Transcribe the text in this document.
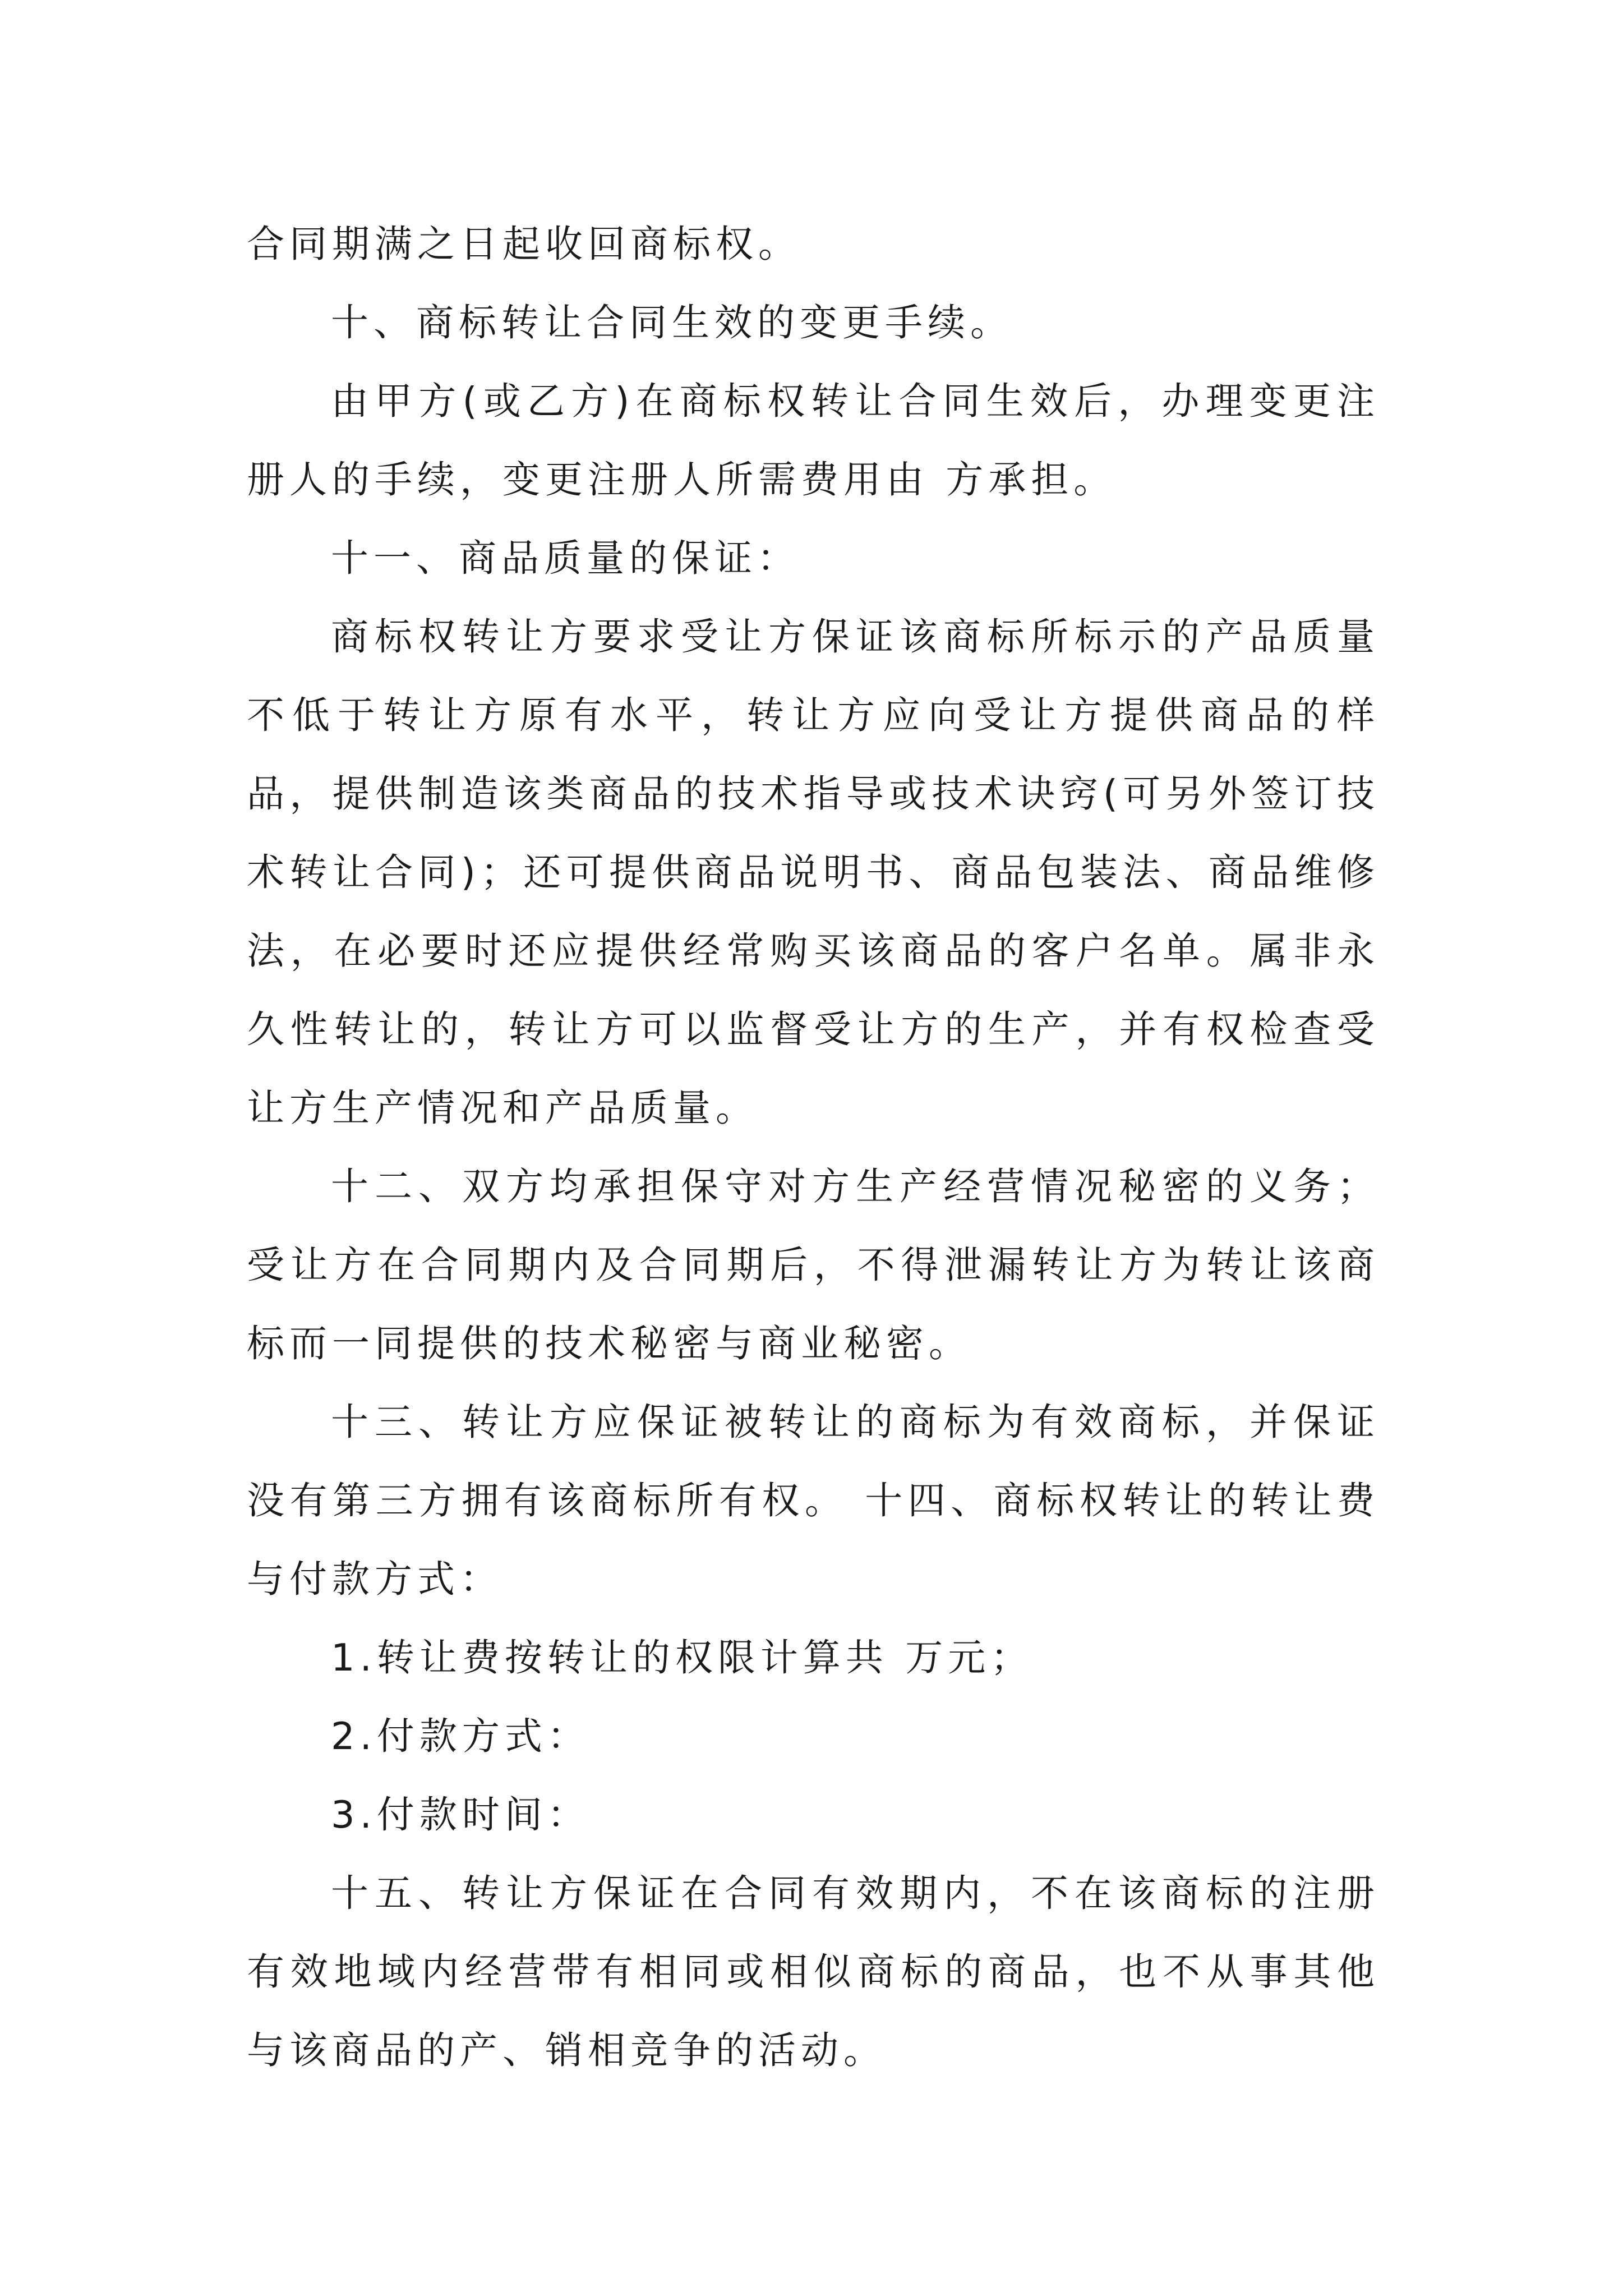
合同期满之日起收回商标权。

十、商标转让合同生效的变更手续。

由甲方(或乙方)在商标权转让合同生效后，办理变更注册人的手续，变更注册人所需费用由 方承担。

十一、商品质量的保证：

商标权转让方要求受让方保证该商标所标示的产品质量不低于转让方原有水平，转让方应向受让方提供商品的样品，提供制造该类商品的技术指导或技术诀窍(可另外签订技术转让合同)；还可提供商品说明书、商品包装法、商品维修法，在必要时还应提供经常购买该商品的客户名单。属非永久性转让的，转让方可以监督受让方的生产，并有权检查受让方生产情况和产品质量。

十二、双方均承担保守对方生产经营情况秘密的义务；受让方在合同期内及合同期后，不得泄漏转让方为转让该商标而一同提供的技术秘密与商业秘密。

十三、转让方应保证被转让的商标为有效商标，并保证没有第三方拥有该商标所有权。 十四、商标权转让的转让费与付款方式：

1.转让费按转让的权限计算共 万元；

2.付款方式：

3.付款时间：

十五、转让方保证在合同有效期内，不在该商标的注册有效地域内经营带有相同或相似商标的商品，也不从事其他与该商品的产、销相竞争的活动。
